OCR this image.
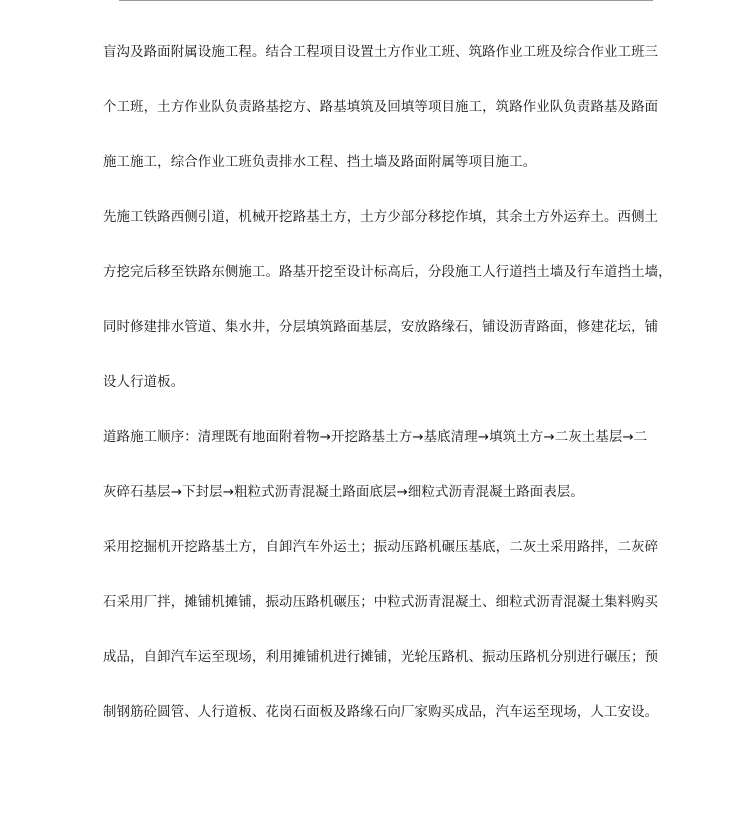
盲沟及路面附属设施工程。结合工程项目设置土方作业工班、筑路作业工班及综合作业工班三
个工班，土方作业队负责路基挖方、路基填筑及回填等项目施工，筑路作业队负责路基及路面
施工施工，综合作业工班负责排水工程、挡土墙及路面附属等项目施工。

先施工铁路西侧引道，机械开挖路基土方，土方少部分移挖作填，其余土方外运弃土。西侧土
方挖完后移至铁路东侧施工。路基开挖至设计标高后，分段施工人行道挡土墙及行车道挡土墙，
同时修建排水管道、集水井，分层填筑路面基层，安放路缘石，铺设沥青路面，修建花坛，铺
设人行道板。

道路施工顺序：清理既有地面附着物→开挖路基土方→基底清理→填筑土方→二灰土基层→二
灰碎石基层→下封层→粗粒式沥青混凝土路面底层→细粒式沥青混凝土路面表层。

采用挖掘机开挖路基土方，自卸汽车外运土；振动压路机碾压基底，二灰土采用路拌，二灰碎
石采用厂拌，摊铺机摊铺，振动压路机碾压；中粒式沥青混凝土、细粒式沥青混凝土集料购买
成品，自卸汽车运至现场，利用摊铺机进行摊铺，光轮压路机、振动压路机分别进行碾压；预
制钢筋砼圆管、人行道板、花岗石面板及路缘石向厂家购买成品，汽车运至现场，人工安设。
